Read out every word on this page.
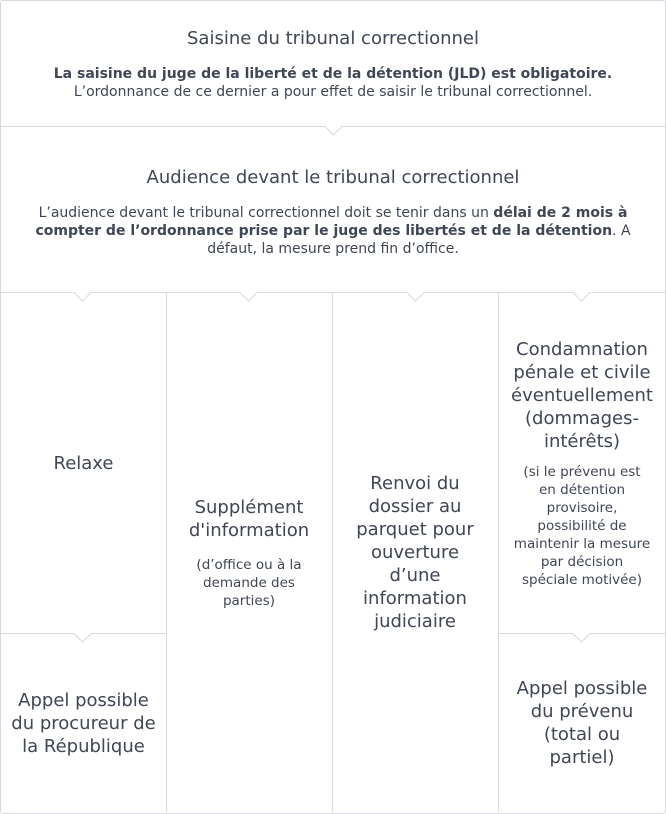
Saisine du tribunal correctionnel
La saisine du juge de la liberté et de la détention (JLD) est obligatoire.
L’ordonnance de ce dernier a pour effet de saisir le tribunal correctionnel.
Audience devant le tribunal correctionnel
L’audience devant le tribunal correctionnel doit se tenir dans un délai de 2 mois à compter de l’ordonnance prise par le juge des libertés et de la détention. A défaut, la mesure prend fin d’office.
Relaxe
Supplément d'information
(d’office ou à la demande des parties)
Renvoi du dossier au parquet pour ouverture d’une information judiciaire
Condamnation pénale et civile éventuellement (dommages-intérêts)
(si le prévenu est en détention provisoire, possibilité de maintenir la mesure par décision spéciale motivée)
Appel possible du procureur de la République
Appel possible du prévenu (total ou partiel)
